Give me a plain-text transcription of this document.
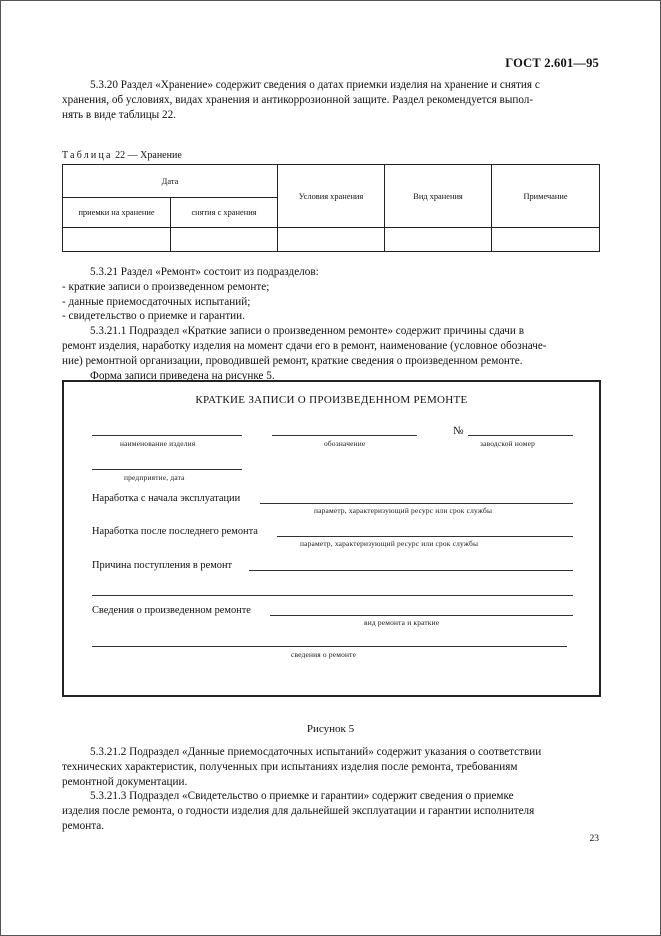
ГОСТ 2.601—95
5.3.20 Раздел «Хранение» содержит сведения о датах приемки изделия на хранение и снятия с
хранения, об условиях, видах хранения и антикоррозионной защите. Раздел рекомендуется выпол-
нять в виде таблицы 22.
Таблица 22 — Хранение
Дата		Условия хранения	Вид хранения	Примечание
приемки на хранение	снятия с хранения			

5.3.21 Раздел «Ремонт» состоит из подразделов:
- краткие записи о произведенном ремонте;
- данные приемосдаточных испытаний;
- свидетельство о приемке и гарантии.
5.3.21.1 Подраздел «Краткие записи о произведенном ремонте» содержит причины сдачи в
ремонт изделия, наработку изделия на момент сдачи его в ремонт, наименование (условное обозначе-
ние) ремонтной организации, проводившей ремонт, краткие сведения о произведенном ремонте.
Форма записи приведена на рисунке 5.
КРАТКИЕ ЗАПИСИ О ПРОИЗВЕДЕННОМ РЕМОНТЕ
наименование изделия	обозначение
№
заводской номер
предприятие, дата
Наработка с начала эксплуатации
параметр, характеризующий ресурс или срок службы
Наработка после последнего ремонта
параметр, характеризующий ресурс или срок службы
Причина поступления в ремонт
Сведения о произведенном ремонте
вид ремонта и краткие
сведения о ремонте
Рисунок 5
5.3.21.2 Подраздел «Данные приемосдаточных испытаний» содержит указания о соответствии
технических характеристик, полученных при испытаниях изделия после ремонта, требованиям
ремонтной документации.
5.3.21.3 Подраздел «Свидетельство о приемке и гарантии» содержит сведения о приемке
изделия после ремонта, о годности изделия для дальнейшей эксплуатации и гарантии исполнителя
ремонта.
23
